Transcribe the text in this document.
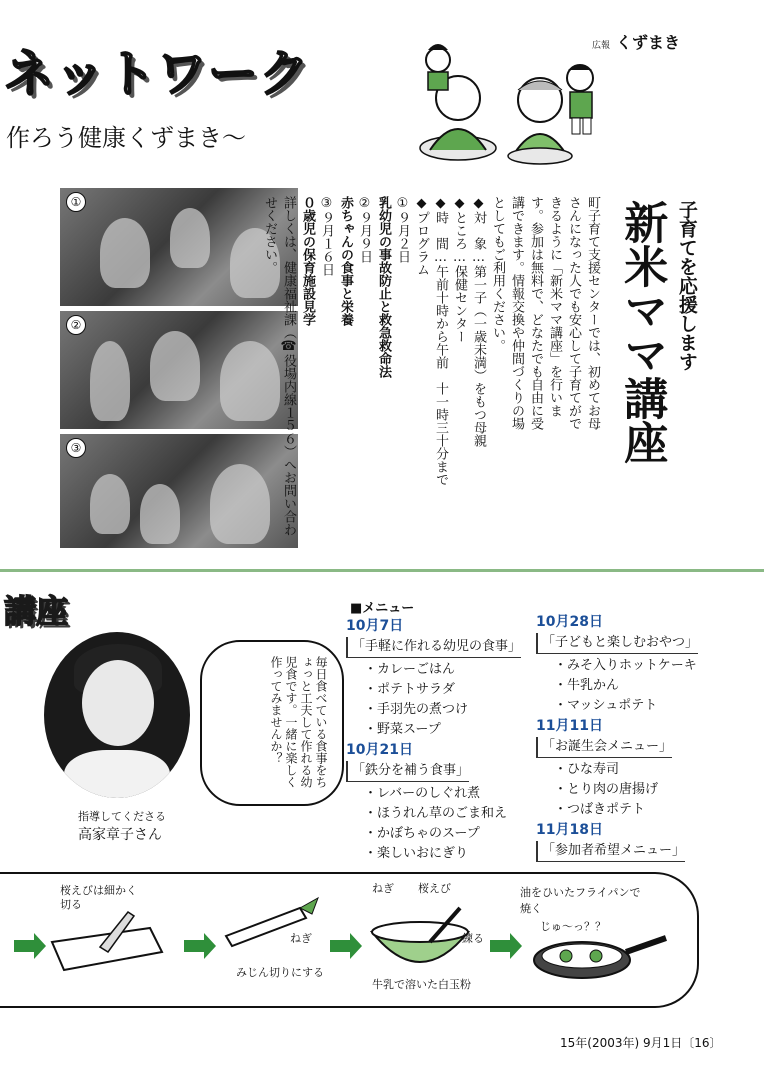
ネットワーク	広報 くずまき
作ろう健康くずまき〜
①
②
③
子育てを応援します
新米ママ講座
町子育て支援センターでは、初めてお母さんになった人でも安心して子育てができるように「新米ママ講座」を行います。参加は無料で、どなたでも自由に受講できます。情報交換や仲間づくりの場としてもご利用ください。
◆対　象…第一子（一歳未満）をもつ母親
◆ところ…保健センター
◆時　間…午前十時から午前　十一時三十分まで
◆プログラム
①９月２日
乳幼児の事故防止と救急救命法
②９月９日
赤ちゃんの食事と栄養
③９月１６日
０歳児の保育施設見学
詳しくは、健康福祉課（☎役場内線１５６）へお問い合わせください。
講座
毎日食べている食事をちょっと工夫して作れる幼児食です。一緒に楽しく作ってみませんか？
指導してくださる
高家章子さん
■メニュー
10月7日
「手軽に作れる幼児の食事」
・カレーごはん
・ポテトサラダ
・手羽先の煮つけ
・野菜スープ
10月21日
「鉄分を補う食事」
・レバーのしぐれ煮
・ほうれん草のごま和え
・かぼちゃのスープ
・楽しいおにぎり
10月28日
「子どもと楽しむおやつ」
・みそ入りホットケーキ
・牛乳かん
・マッシュポテト
11月11日
「お誕生会メニュー」
・ひな寿司
・とり肉の唐揚げ
・つばきポテト
11月18日
「参加者希望メニュー」
桜えびは細かく切る
ねぎ
みじん切りにする
ねぎ 桜えび
練る
牛乳で溶いた白玉粉
油をひいたフライパンで焼く
じゅ〜っ？？
15年(2003年) 9月1日〔16〕
